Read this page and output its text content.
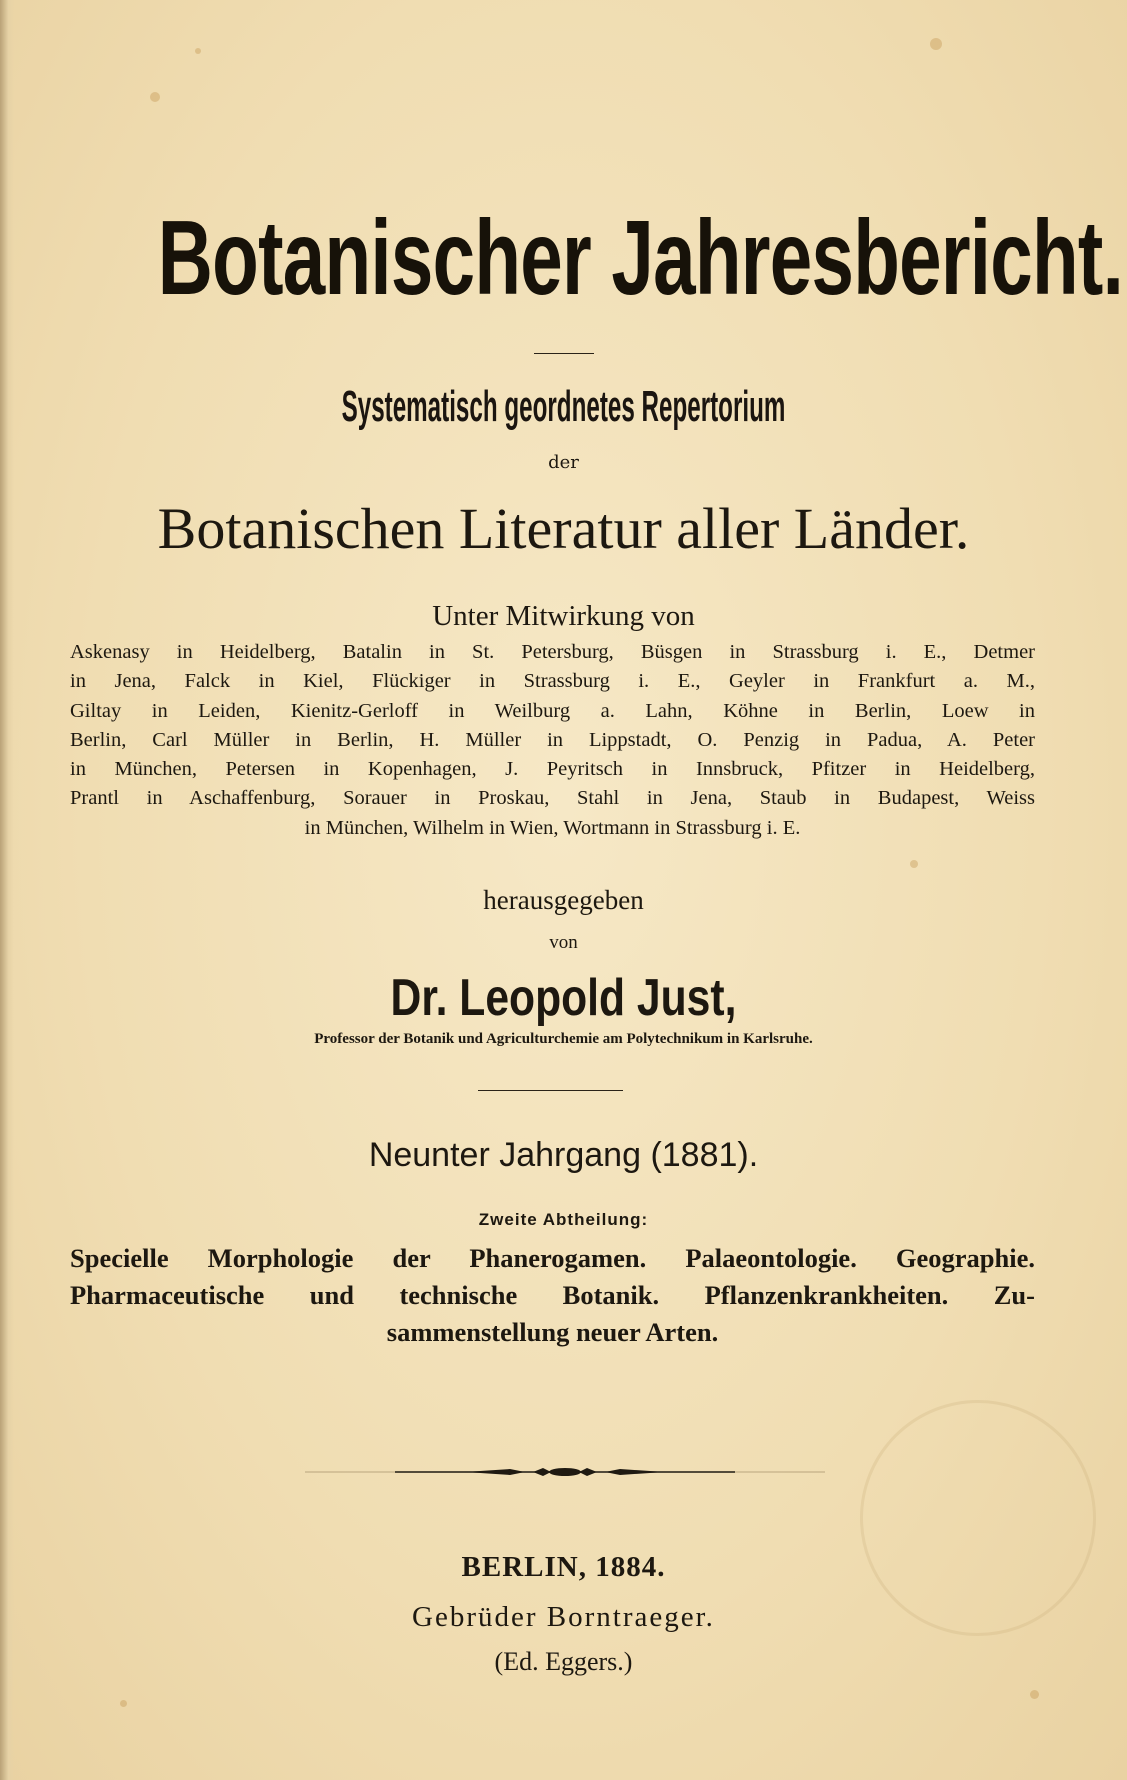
Botanischer Jahresbericht.
Systematisch geordnetes Repertorium
der
Botanischen Literatur aller Länder.
Unter Mitwirkung von
Askenasy in Heidelberg, Batalin in St. Petersburg, Büsgen in Strassburg i. E., Detmer
in Jena, Falck in Kiel, Flückiger in Strassburg i. E., Geyler in Frankfurt a. M.,
Giltay in Leiden, Kienitz-Gerloff in Weilburg a. Lahn, Köhne in Berlin, Loew in
Berlin, Carl Müller in Berlin, H. Müller in Lippstadt, O. Penzig in Padua, A. Peter
in München, Petersen in Kopenhagen, J. Peyritsch in Innsbruck, Pfitzer in Heidelberg,
Prantl in Aschaffenburg, Sorauer in Proskau, Stahl in Jena, Staub in Budapest, Weiss
in München, Wilhelm in Wien, Wortmann in Strassburg i. E.
herausgegeben
von
Dr. Leopold Just,
Professor der Botanik und Agriculturchemie am Polytechnikum in Karlsruhe.
Neunter Jahrgang (1881).
Zweite Abtheilung:
Specielle Morphologie der Phanerogamen. Palaeontologie. Geographie.
Pharmaceutische und technische Botanik. Pflanzenkrankheiten. Zu-
sammenstellung neuer Arten.
BERLIN, 1884.
Gebrüder Borntraeger.
(Ed. Eggers.)
